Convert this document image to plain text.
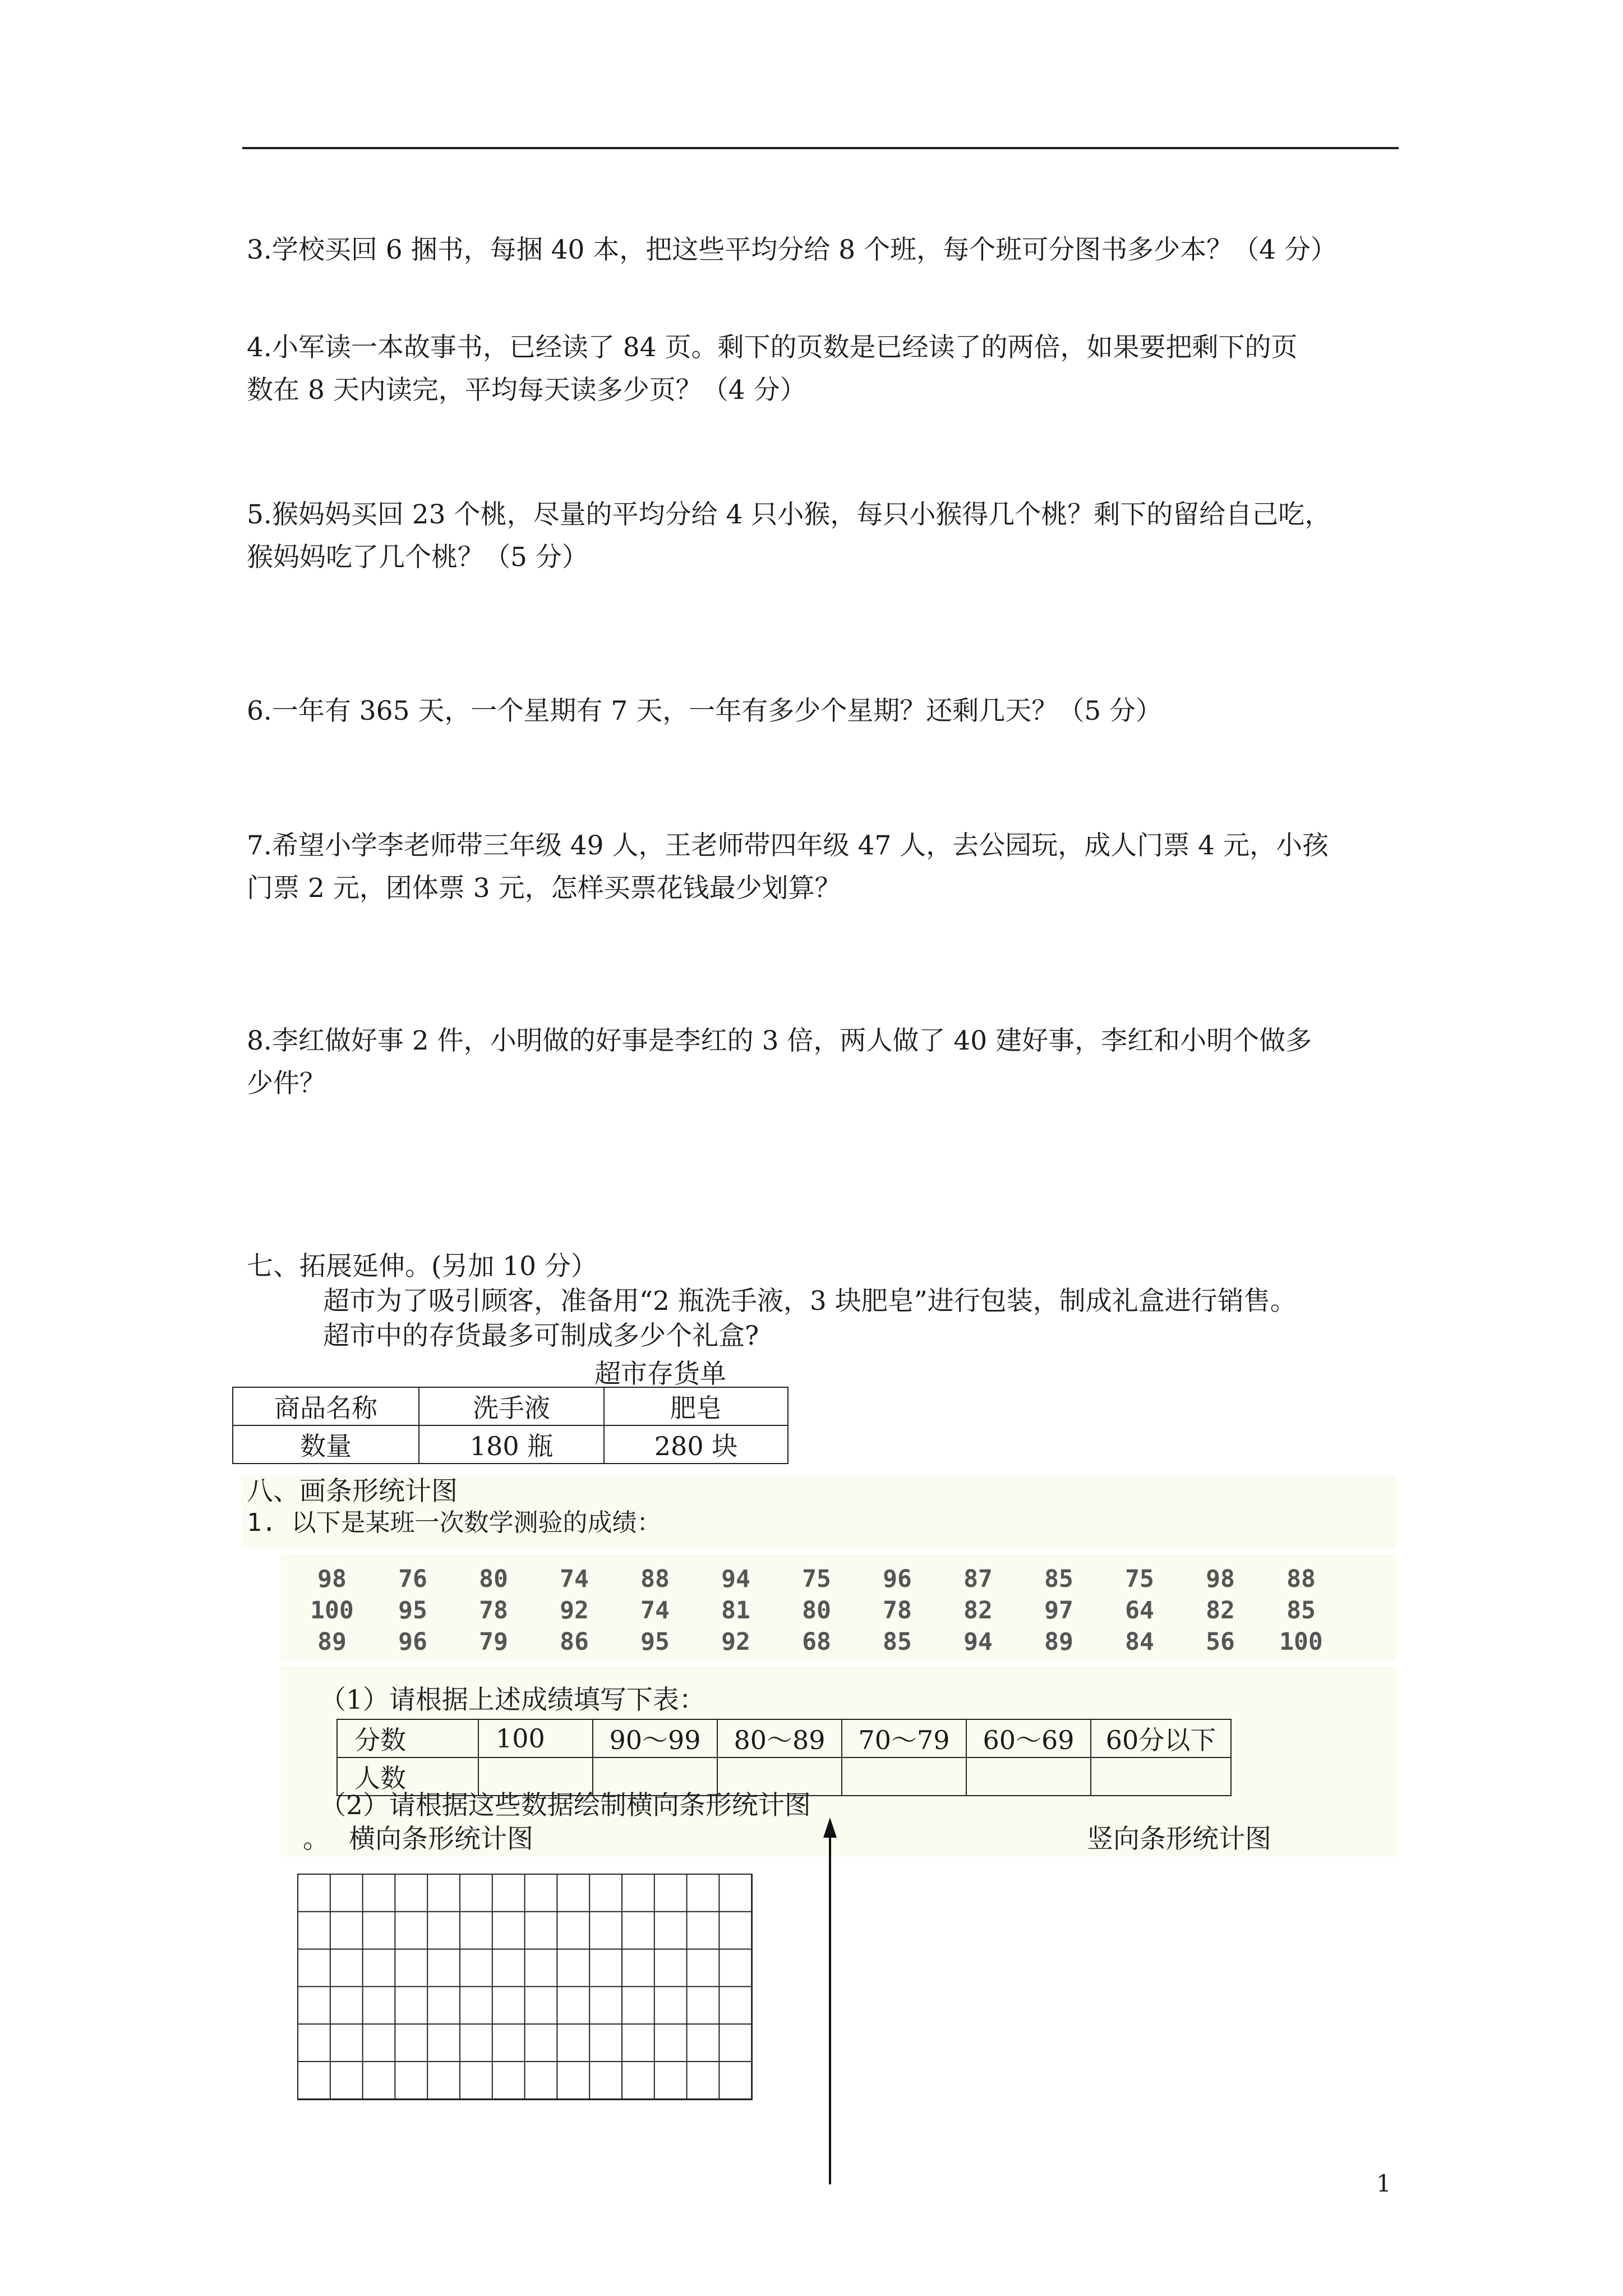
3.学校买回 6 捆书，每捆 40 本，把这些平均分给 8 个班，每个班可分图书多少本？（4 分）
4.小军读一本故事书，已经读了 84 页。剩下的页数是已经读了的两倍，如果要把剩下的页
数在 8 天内读完，平均每天读多少页？（4 分）
5.猴妈妈买回 23 个桃，尽量的平均分给 4 只小猴，每只小猴得几个桃？剩下的留给自己吃，
猴妈妈吃了几个桃？（5 分）
6.一年有 365 天，一个星期有 7 天，一年有多少个星期？还剩几天？（5 分）
7.希望小学李老师带三年级 49 人，王老师带四年级 47 人，去公园玩，成人门票 4 元，小孩
门票 2 元，团体票 3 元，怎样买票花钱最少划算？
8.李红做好事 2 件，小明做的好事是李红的 3 倍，两人做了 40 建好事，李红和小明个做多
少件？
七、拓展延伸。(另加 10 分）
超市为了吸引顾客，准备用“2 瓶洗手液，3 块肥皂”进行包装，制成礼盒进行销售。
超市中的存货最多可制成多少个礼盒?
超市存货单
商品名称	洗手液	肥皂
数量	180 瓶	280 块
八、画条形统计图
1. 以下是某班一次数学测验的成绩：
98	76	80	74	88	94	75	96	87	85	75	98	88
100	95	78	92	74	81	80	78	82	97	64	82	85
89	96	79	86	95	92	68	85	94	89	84	56	100
（1）请根据上述成绩填写下表：
分数	100	90～99	80～89	70～79	60～69	60分以下
人数						
（2）请根据这些数据绘制横向条形统计图
。 横向条形统计图	竖向条形统计图
1
